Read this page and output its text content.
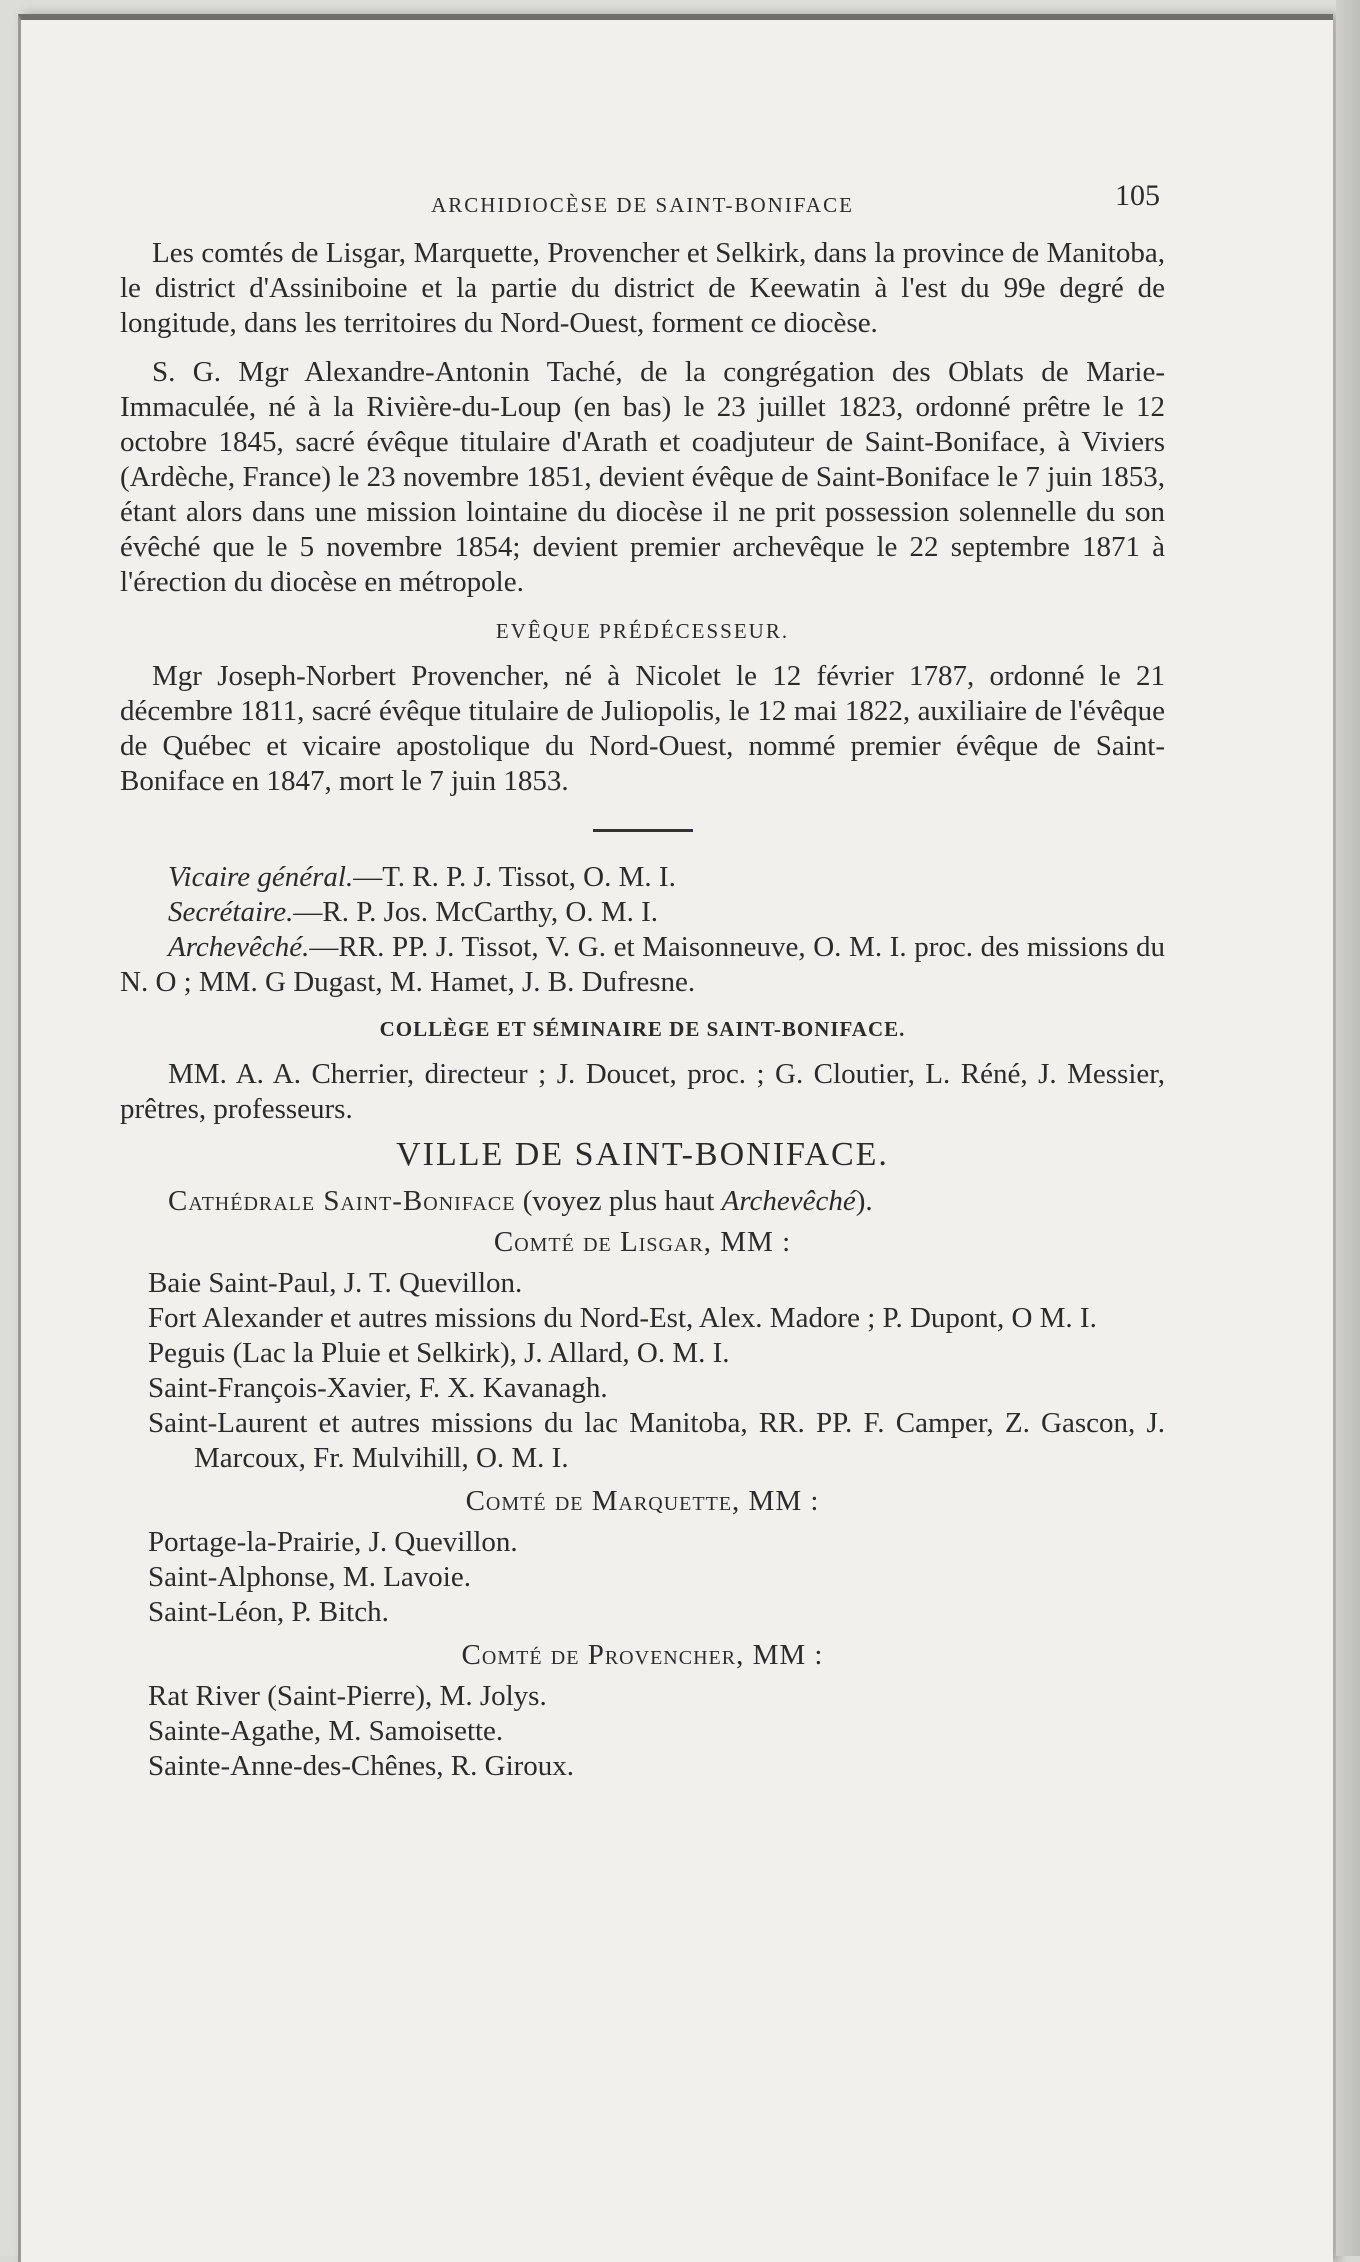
ARCHIDIOCÈSE DE SAINT-BONIFACE	105

Les comtés de Lisgar, Marquette, Provencher et Selkirk, dans la province de Manitoba, le district d'Assiniboine et la partie du district de Keewatin à l'est du 99e degré de longitude, dans les territoires du Nord-Ouest, forment ce diocèse.

S. G. Mgr Alexandre-Antonin Taché, de la congrégation des Oblats de Marie-Immaculée, né à la Rivière-du-Loup (en bas) le 23 juillet 1823, ordonné prêtre le 12 octobre 1845, sacré évêque titulaire d'Arath et coadjuteur de Saint-Boniface, à Viviers (Ardèche, France) le 23 novembre 1851, devient évêque de Saint-Boniface le 7 juin 1853, étant alors dans une mission lointaine du diocèse il ne prit possession solennelle du son évêché que le 5 novembre 1854; devient premier archevêque le 22 septembre 1871 à l'érection du diocèse en métropole.

EVÊQUE PRÉDÉCESSEUR.

Mgr Joseph-Norbert Provencher, né à Nicolet le 12 février 1787, ordonné le 21 décembre 1811, sacré évêque titulaire de Juliopolis, le 12 mai 1822, auxiliaire de l'évêque de Québec et vicaire apostolique du Nord-Ouest, nommé premier évêque de Saint-Boniface en 1847, mort le 7 juin 1853.

Vicaire général.—T. R. P. J. Tissot, O. M. I.
Secrétaire.—R. P. Jos. McCarthy, O. M. I.
Archevêché.—RR. PP. J. Tissot, V. G. et Maisonneuve, O. M. I. proc. des missions du N. O ; MM. G Dugast, M. Hamet, J. B. Dufresne.
COLLÈGE ET SÉMINAIRE DE SAINT-BONIFACE.

MM. A. A. Cherrier, directeur ; J. Doucet, proc. ; G. Cloutier, L. Réné, J. Messier, prêtres, professeurs.

VILLE DE SAINT-BONIFACE.
Cathédrale Saint-Boniface (voyez plus haut Archevêché).
Comté de Lisgar, MM :
Baie Saint-Paul, J. T. Quevillon.
Fort Alexander et autres missions du Nord-Est, Alex. Madore ; P. Dupont, O M. I.
Peguis (Lac la Pluie et Selkirk), J. Allard, O. M. I.
Saint-François-Xavier, F. X. Kavanagh.
Saint-Laurent et autres missions du lac Manitoba, RR. PP. F. Camper, Z. Gascon, J. Marcoux, Fr. Mulvihill, O. M. I.
Comté de Marquette, MM :
Portage-la-Prairie, J. Quevillon.
Saint-Alphonse, M. Lavoie.
Saint-Léon, P. Bitch.
Comté de Provencher, MM :
Rat River (Saint-Pierre), M. Jolys.
Sainte-Agathe, M. Samoisette.
Sainte-Anne-des-Chênes, R. Giroux.
